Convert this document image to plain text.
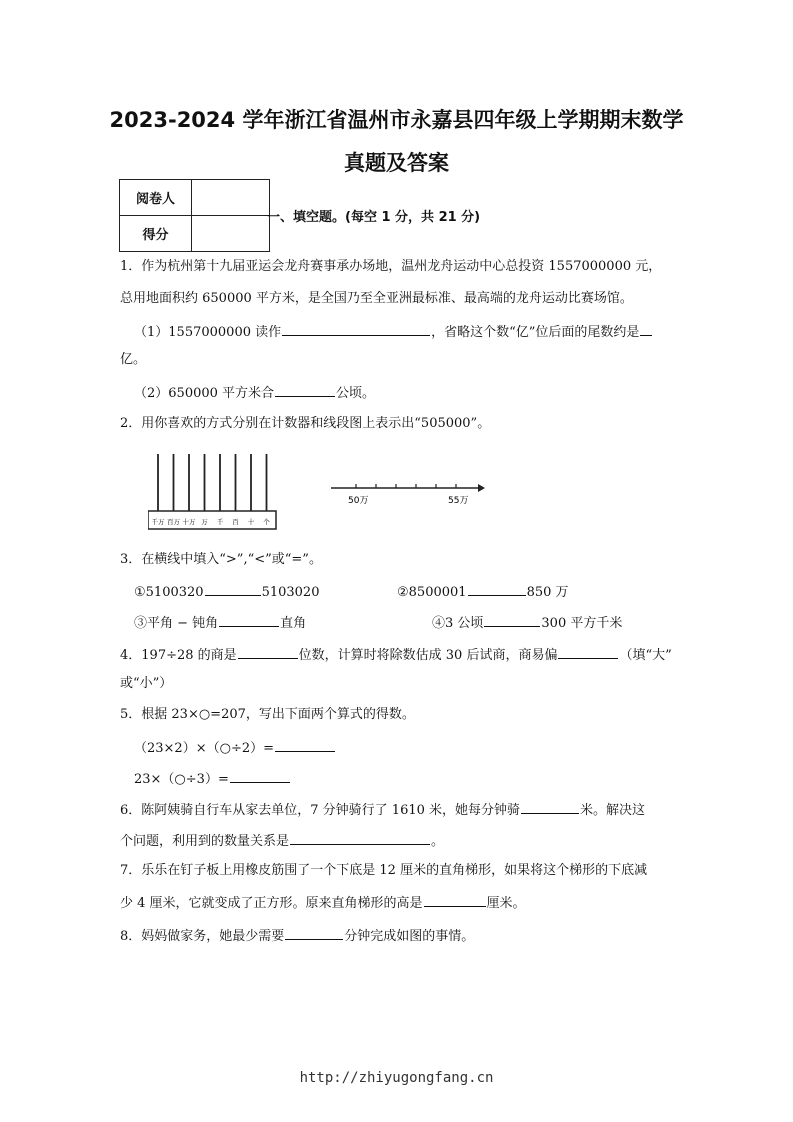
2023-2024 学年浙江省温州市永嘉县四年级上学期期末数学
真题及答案
阅卷人	
得分	
一、填空题。(每空 1 分，共 21 分)
1．作为杭州第十九届亚运会龙舟赛事承办场地，温州龙舟运动中心总投资 1557000000 元，
总用地面积约 650000 平方米，是全国乃至全亚洲最标准、最高端的龙舟运动比赛场馆。
（1）1557000000 读作	，省略这个数“亿”位后面的尾数约是
亿。
（2）650000 平方米合	公顷。
2．用你喜欢的方式分别在计数器和线段图上表示出“505000”。
千万 百万 十万 万 千 百 十 个
50万	55万
3．在横线中填入“>”,“<”或“=”。
①5100320	5103020	②8500001	850 万
③平角 − 钝角	直角	④3 公顷	300 平方千米
4．197÷28 的商是	位数，计算时将除数估成 30 后试商，商易偏	（填“大”
或“小”）
5．根据 23×○=207，写出下面两个算式的得数。
（23×2）×（○÷2）=
23×（○÷3）=
6．陈阿姨骑自行车从家去单位，7 分钟骑行了 1610 米，她每分钟骑	米。解决这
个问题，利用到的数量关系是	。
7．乐乐在钉子板上用橡皮筋围了一个下底是 12 厘米的直角梯形，如果将这个梯形的下底减
少 4 厘米，它就变成了正方形。原来直角梯形的高是	厘米。
8．妈妈做家务，她最少需要	分钟完成如图的事情。
http://zhiyugongfang.cn
